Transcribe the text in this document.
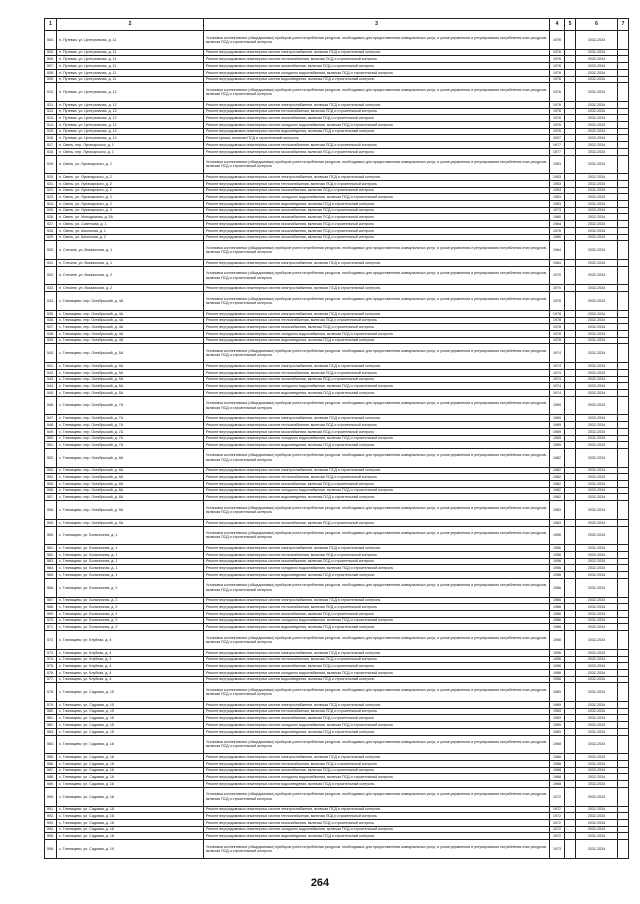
1	2	3	4	5	6	7
504.	п. Путевка, ул. Центральная, д. 11	Установка коллективных (общедомовых) приборов учета потребления ресурсов, необходимых для предоставления коммунальных услуг, и узлов управления и регулирования потребления этих ресурсов, включая ПСД и строительный контроль	1976		2032-2034	
505.	п. Путевка, ул. Центральная, д. 11	Ремонт внутридомовых инженерных систем электроснабжения, включая ПСД и строительный контроль	1976		2032-2034	
506.	п. Путевка, ул. Центральная, д. 11	Ремонт внутридомовых инженерных систем теплоснабжения, включая ПСД и строительный контроль	1976		2032-2034	
507.	п. Путевка, ул. Центральная, д. 11	Ремонт внутридомовых инженерных систем газоснабжения, включая ПСД и строительный контроль	1976		2032-2034	
508.	п. Путевка, ул. Центральная, д. 11	Ремонт внутридомовых инженерных систем холодного водоснабжения, включая ПСД и строительный контроль	1976		2032-2034	
509.	п. Путевка, ул. Центральная, д. 11	Ремонт внутридомовых инженерных систем водоотведения, включая ПСД и строительный контроль	1976		2032-2034	
510.	п. Путевка, ул. Центральная, д. 12	Установка коллективных (общедомовых) приборов учета потребления ресурсов, необходимых для предоставления коммунальных услуг, и узлов управления и регулирования потребления этих ресурсов, включая ПСД и строительный контроль	1976		2032-2034	
511.	п. Путевка, ул. Центральная, д. 12	Ремонт внутридомовых инженерных систем электроснабжения, включая ПСД и строительный контроль	1976		2032-2034	
512.	п. Путевка, ул. Центральная, д. 12	Ремонт внутридомовых инженерных систем теплоснабжения, включая ПСД и строительный контроль	1976		2032-2034	
513.	п. Путевка, ул. Центральная, д. 12	Ремонт внутридомовых инженерных систем газоснабжения, включая ПСД и строительный контроль	1976		2032-2034	
514.	п. Путевка, ул. Центральная, д. 12	Ремонт внутридомовых инженерных систем холодного водоснабжения, включая ПСД и строительный контроль	1976		2032-2034	
515.	п. Путевка, ул. Центральная, д. 12	Ремонт внутридомовых инженерных систем водоотведения, включая ПСД и строительный контроль	1976		2032-2034	
516.	п. Путевка, ул. Центральная, д. 12	Ремонт крыши, включая ПСД и строительный контроль	2007		2032-2034	
517.	п. Свень, пер. Луначарского, д. 1	Ремонт внутридомовых инженерных систем теплоснабжения, включая ПСД и строительный контроль	1977		2032-2034	
518.	п. Свень, пер. Луначарского, д. 1	Ремонт внутридомовых инженерных систем газоснабжения, включая ПСД и строительный контроль	1977		2032-2034	
519.	п. Свень, ул. Луначарского, д. 2	Установка коллективных (общедомовых) приборов учета потребления ресурсов, необходимых для предоставления коммунальных услуг, и узлов управления и регулирования потребления этих ресурсов, включая ПСД и строительный контроль	1953		2032-2034	
520.	п. Свень, ул. Луначарского, д. 2	Ремонт внутридомовых инженерных систем электроснабжения, включая ПСД и строительный контроль	1953		2032-2034	
521.	п. Свень, ул. Луначарского, д. 2	Ремонт внутридомовых инженерных систем теплоснабжения, включая ПСД и строительный контроль	1953		2032-2034	
522.	п. Свень, ул. Луначарского, д. 2	Ремонт внутридомовых инженерных систем газоснабжения, включая ПСД и строительный контроль	1953		2032-2034	
523.	п. Свень, ул. Луначарского, д. 2	Ремонт внутридомовых инженерных систем холодного водоснабжения, включая ПСД и строительный контроль	1953		2032-2034	
524.	п. Свень, ул. Луначарского, д. 2	Ремонт внутридомовых инженерных систем водоотведения, включая ПСД и строительный контроль	1953		2032-2034	
525.	п. Свень, ул. Луначарского, д. 3	Ремонт внутридомовых инженерных систем газоснабжения, включая ПСД и строительный контроль	1973		2032-2034	
526.	п. Свень, ул. Молодежная, д. 5А	Ремонт внутридомовых инженерных систем газоснабжения, включая ПСД и строительный контроль	1980		2032-2034	
527.	п. Свень, ул. Советская, д. 1	Ремонт внутридомовых инженерных систем газоснабжения, включая ПСД и строительный контроль	1984		2032-2034	
528.	п. Свень, ул. Школьная, д. 1	Ремонт внутридомовых инженерных систем газоснабжения, включая ПСД и строительный контроль	1976		2032-2034	
529.	п. Свень, ул. Школьная, д. 2	Ремонт внутридомовых инженерных систем газоснабжения, включая ПСД и строительный контроль	1980		2032-2034	
530.	п. Стекине, ул. Вокзальная, д. 1	Установка коллективных (общедомовых) приборов учета потребления ресурсов, необходимых для предоставления коммунальных услуг, и узлов управления и регулирования потребления этих ресурсов, включая ПСД и строительный контроль	1964		2032-2034	
531.	п. Стекине, ул. Вокзальная, д. 1	Ремонт внутридомовых инженерных систем электроснабжения, включая ПСД и строительный контроль	1964		2032-2034	
532.	п. Стекине, ул. Вокзальная, д. 2	Установка коллективных (общедомовых) приборов учета потребления ресурсов, необходимых для предоставления коммунальных услуг, и узлов управления и регулирования потребления этих ресурсов, включая ПСД и строительный контроль	1970		2032-2034	
533.	п. Стекине, ул. Вокзальная, д. 2	Ремонт внутридомовых инженерных систем электроснабжения, включая ПСД и строительный контроль	1970		2032-2034	
534.	с. Глинищево, пер. Октябрьский, д. 4А	Установка коллективных (общедомовых) приборов учета потребления ресурсов, необходимых для предоставления коммунальных услуг, и узлов управления и регулирования потребления этих ресурсов, включая ПСД и строительный контроль	1978		2032-2034	
535.	с. Глинищево, пер. Октябрьский, д. 4А	Ремонт внутридомовых инженерных систем электроснабжения, включая ПСД и строительный контроль	1978		2032-2034	
536.	с. Глинищево, пер. Октябрьский, д. 4А	Ремонт внутридомовых инженерных систем теплоснабжения, включая ПСД и строительный контроль	1978		2032-2034	
537.	с. Глинищево, пер. Октябрьский, д. 4А	Ремонт внутридомовых инженерных систем газоснабжения, включая ПСД и строительный контроль	1978		2032-2034	
538.	с. Глинищево, пер. Октябрьский, д. 4А	Ремонт внутридомовых инженерных систем холодного водоснабжения, включая ПСД и строительный контроль	1978		2032-2034	
539.	с. Глинищево, пер. Октябрьский, д. 4А	Ремонт внутридомовых инженерных систем водоотведения, включая ПСД и строительный контроль	1978		2032-2034	
540.	с. Глинищево, пер. Октябрьский, д. 5А	Установка коллективных (общедомовых) приборов учета потребления ресурсов, необходимых для предоставления коммунальных услуг, и узлов управления и регулирования потребления этих ресурсов, включая ПСД и строительный контроль	1974		2032-2034	
541.	с. Глинищево, пер. Октябрьский, д. 5А	Ремонт внутридомовых инженерных систем электроснабжения, включая ПСД и строительный контроль	1974		2032-2034	
542.	с. Глинищево, пер. Октябрьский, д. 5А	Ремонт внутридомовых инженерных систем теплоснабжения, включая ПСД и строительный контроль	1974		2032-2034	
543.	с. Глинищево, пер. Октябрьский, д. 5А	Ремонт внутридомовых инженерных систем газоснабжения, включая ПСД и строительный контроль	1974		2032-2034	
544.	с. Глинищево, пер. Октябрьский, д. 5А	Ремонт внутридомовых инженерных систем холодного водоснабжения, включая ПСД и строительный контроль	1974		2032-2034	
545.	с. Глинищево, пер. Октябрьский, д. 5А	Ремонт внутридомовых инженерных систем водоотведения, включая ПСД и строительный контроль	1974		2032-2034	
546.	с. Глинищево, пер. Октябрьский, д. 7А	Установка коллективных (общедомовых) приборов учета потребления ресурсов, необходимых для предоставления коммунальных услуг, и узлов управления и регулирования потребления этих ресурсов, включая ПСД и строительный контроль	1969		2032-2034	
547.	с. Глинищево, пер. Октябрьский, д. 7А	Ремонт внутридомовых инженерных систем электроснабжения, включая ПСД и строительный контроль	1969		2032-2034	
548.	с. Глинищево, пер. Октябрьский, д. 7А	Ремонт внутридомовых инженерных систем теплоснабжения, включая ПСД и строительный контроль	1969		2032-2034	
549.	с. Глинищево, пер. Октябрьский, д. 7А	Ремонт внутридомовых инженерных систем газоснабжения, включая ПСД и строительный контроль	1969		2032-2034	
550.	с. Глинищево, пер. Октябрьский, д. 7А	Ремонт внутридомовых инженерных систем холодного водоснабжения, включая ПСД и строительный контроль	1969		2032-2034	
551.	с. Глинищево, пер. Октябрьский, д. 7А	Ремонт внутридомовых инженерных систем водоотведения, включая ПСД и строительный контроль	1969		2032-2034	
552.	с. Глинищево, пер. Октябрьский, д. 8А	Установка коллективных (общедомовых) приборов учета потребления ресурсов, необходимых для предоставления коммунальных услуг, и узлов управления и регулирования потребления этих ресурсов, включая ПСД и строительный контроль	1982		2032-2034	
553.	с. Глинищево, пер. Октябрьский, д. 8А	Ремонт внутридомовых инженерных систем электроснабжения, включая ПСД и строительный контроль	1982		2032-2034	
554.	с. Глинищево, пер. Октябрьский, д. 8А	Ремонт внутридомовых инженерных систем теплоснабжения, включая ПСД и строительный контроль	1982		2032-2034	
555.	с. Глинищево, пер. Октябрьский, д. 8А	Ремонт внутридомовых инженерных систем газоснабжения, включая ПСД и строительный контроль	1982		2032-2034	
556.	с. Глинищево, пер. Октябрьский, д. 8А	Ремонт внутридомовых инженерных систем холодного водоснабжения, включая ПСД и строительный контроль	1982		2032-2034	
557.	с. Глинищево, пер. Октябрьский, д. 8А	Ремонт внутридомовых инженерных систем водоотведения, включая ПСД и строительный контроль	1982		2032-2034	
558.	с. Глинищево, пер. Октябрьский, д. 9А	Установка коллективных (общедомовых) приборов учета потребления ресурсов, необходимых для предоставления коммунальных услуг, и узлов управления и регулирования потребления этих ресурсов, включая ПСД и строительный контроль	1983		2032-2034	
559.	с. Глинищево, пер. Октябрьский, д. 9А	Ремонт внутридомовых инженерных систем газоснабжения, включая ПСД и строительный контроль	1983		2032-2034	
560.	с. Глинищево, ул. Больничная, д. 1	Установка коллективных (общедомовых) приборов учета потребления ресурсов, необходимых для предоставления коммунальных услуг, и узлов управления и регулирования потребления этих ресурсов, включая ПСД и строительный контроль	1956		2032-2034	
561.	с. Глинищево, ул. Больничная, д. 1	Ремонт внутридомовых инженерных систем электроснабжения, включая ПСД и строительный контроль	1956		2032-2034	
562.	с. Глинищево, ул. Больничная, д. 1	Ремонт внутридомовых инженерных систем теплоснабжения, включая ПСД и строительный контроль	1956		2032-2034	
563.	с. Глинищево, ул. Больничная, д. 1	Ремонт внутридомовых инженерных систем газоснабжения, включая ПСД и строительный контроль	1956		2032-2034	
564.	с. Глинищево, ул. Больничная, д. 1	Ремонт внутридомовых инженерных систем холодного водоснабжения, включая ПСД и строительный контроль	1956		2032-2034	
565.	с. Глинищево, ул. Больничная, д. 1	Ремонт внутридомовых инженерных систем водоотведения, включая ПСД и строительный контроль	1956		2032-2034	
566.	с. Глинищево, ул. Больничная, д. 2	Установка коллективных (общедомовых) приборов учета потребления ресурсов, необходимых для предоставления коммунальных услуг, и узлов управления и регулирования потребления этих ресурсов, включая ПСД и строительный контроль	1966		2032-2034	
567.	с. Глинищево, ул. Больничная, д. 2	Ремонт внутридомовых инженерных систем электроснабжения, включая ПСД и строительный контроль	1966		2032-2034	
568.	с. Глинищево, ул. Больничная, д. 2	Ремонт внутридомовых инженерных систем теплоснабжения, включая ПСД и строительный контроль	1966		2032-2034	
569.	с. Глинищево, ул. Больничная, д. 2	Ремонт внутридомовых инженерных систем газоснабжения, включая ПСД и строительный контроль	1966		2032-2034	
570.	с. Глинищево, ул. Больничная, д. 2	Ремонт внутридомовых инженерных систем холодного водоснабжения, включая ПСД и строительный контроль	1966		2032-2034	
571.	с. Глинищево, ул. Больничная, д. 2	Ремонт внутридомовых инженерных систем водоотведения, включая ПСД и строительный контроль	1966		2032-2034	
572.	с. Глинищево, ул. Клубная, д. 4	Установка коллективных (общедомовых) приборов учета потребления ресурсов, необходимых для предоставления коммунальных услуг, и узлов управления и регулирования потребления этих ресурсов, включая ПСД и строительный контроль	1956		2032-2034	
573.	с. Глинищево, ул. Клубная, д. 4	Ремонт внутридомовых инженерных систем электроснабжения, включая ПСД и строительный контроль	1956		2032-2034	
574.	с. Глинищево, ул. Клубная, д. 4	Ремонт внутридомовых инженерных систем теплоснабжения, включая ПСД и строительный контроль	1956		2032-2034	
575.	с. Глинищево, ул. Клубная, д. 4	Ремонт внутридомовых инженерных систем газоснабжения, включая ПСД и строительный контроль	1956		2032-2034	
576.	с. Глинищево, ул. Клубная, д. 4	Ремонт внутридомовых инженерных систем холодного водоснабжения, включая ПСД и строительный контроль	1956		2032-2034	
577.	с. Глинищево, ул. Клубная, д. 4	Ремонт внутридомовых инженерных систем водоотведения, включая ПСД и строительный контроль	1956		2032-2034	
578.	с. Глинищево, ул. Садовая, д. 15	Установка коллективных (общедомовых) приборов учета потребления ресурсов, необходимых для предоставления коммунальных услуг, и узлов управления и регулирования потребления этих ресурсов, включая ПСД и строительный контроль	1969		2032-2034	
579.	с. Глинищево, ул. Садовая, д. 15	Ремонт внутридомовых инженерных систем электроснабжения, включая ПСД и строительный контроль	1969		2032-2034	
580.	с. Глинищево, ул. Садовая, д. 15	Ремонт внутридомовых инженерных систем теплоснабжения, включая ПСД и строительный контроль	1969		2032-2034	
581.	с. Глинищево, ул. Садовая, д. 15	Ремонт внутридомовых инженерных систем газоснабжения, включая ПСД и строительный контроль	1969		2032-2034	
582.	с. Глинищево, ул. Садовая, д. 15	Ремонт внутридомовых инженерных систем холодного водоснабжения, включая ПСД и строительный контроль	1969		2032-2034	
583.	с. Глинищево, ул. Садовая, д. 15	Ремонт внутридомовых инженерных систем водоотведения, включая ПСД и строительный контроль	1969		2032-2034	
584.	с. Глинищево, ул. Садовая, д. 16	Установка коллективных (общедомовых) приборов учета потребления ресурсов, необходимых для предоставления коммунальных услуг, и узлов управления и регулирования потребления этих ресурсов, включая ПСД и строительный контроль	1968		2032-2034	
585.	с. Глинищево, ул. Садовая, д. 16	Ремонт внутридомовых инженерных систем электроснабжения, включая ПСД и строительный контроль	1968		2032-2034	
586.	с. Глинищево, ул. Садовая, д. 16	Ремонт внутридомовых инженерных систем теплоснабжения, включая ПСД и строительный контроль	1968		2032-2034	
587.	с. Глинищево, ул. Садовая, д. 16	Ремонт внутридомовых инженерных систем газоснабжения, включая ПСД и строительный контроль	1968		2032-2034	
588.	с. Глинищево, ул. Садовая, д. 16	Ремонт внутридомовых инженерных систем холодного водоснабжения, включая ПСД и строительный контроль	1968		2032-2034	
589.	с. Глинищево, ул. Садовая, д. 16	Ремонт внутридомовых инженерных систем водоотведения, включая ПСД и строительный контроль	1968		2032-2034	
590.	с. Глинищево, ул. Садовая, д. 18	Установка коллективных (общедомовых) приборов учета потребления ресурсов, необходимых для предоставления коммунальных услуг, и узлов управления и регулирования потребления этих ресурсов, включая ПСД и строительный контроль	1972		2032-2034	
591.	с. Глинищево, ул. Садовая, д. 18	Ремонт внутридомовых инженерных систем электроснабжения, включая ПСД и строительный контроль	1972		2032-2034	
592.	с. Глинищево, ул. Садовая, д. 18	Ремонт внутридомовых инженерных систем теплоснабжения, включая ПСД и строительный контроль	1972		2032-2034	
593.	с. Глинищево, ул. Садовая, д. 18	Ремонт внутридомовых инженерных систем газоснабжения, включая ПСД и строительный контроль	1972		2032-2034	
594.	с. Глинищево, ул. Садовая, д. 18	Ремонт внутридомовых инженерных систем холодного водоснабжения, включая ПСД и строительный контроль	1972		2032-2034	
595.	с. Глинищево, ул. Садовая, д. 18	Ремонт внутридомовых инженерных систем водоотведения, включая ПСД и строительный контроль	1972		2032-2034	
596.	с. Глинищево, ул. Садовая, д. 19	Установка коллективных (общедомовых) приборов учета потребления ресурсов, необходимых для предоставления коммунальных услуг, и узлов управления и регулирования потребления этих ресурсов, включая ПСД и строительный контроль	1973		2032-2034	
264
